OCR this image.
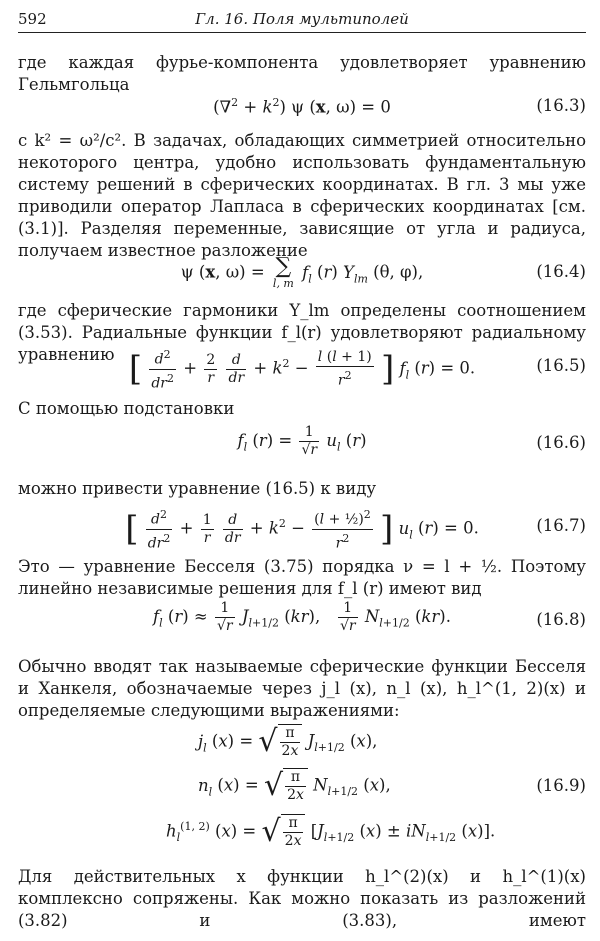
592	Гл. 16. Поля мультиполей

где каждая фурье-компонента удовлетворяет уравнению Гельмгольца

$(\nabla^2 + k^2)$ ψ (x, ω) = 0	(16.3)

с k² = ω²/c². В задачах, обладающих симметрией относительно некоторого центра, удобно использовать фундаментальную систему решений в сферических координатах. В гл. 3 мы уже приводили оператор Лапласа в сферических координатах [см. (3.1)]. Разделяя переменные, зависящие от угла и радиуса, получаем известное разложение

ψ (x, ω) = ∑
l, m
$f_l$ (r) $Y_{lm}$ (θ, φ),	(16.4)

где сферические гармоники Y_lm определены соотношением (3.53). Радиальные функции f_l(r) удовлетворяют радиальному уравнению [ $\frac{d^2}{dr^2} + \frac{2}{r}$
$\frac{d}{dr} + k^2 - \frac{l (l + 1)}{r^2}$ ] $f_l$ (r) = 0.	(16.5)

С помощью подстановки

$f_l$ $(r) = \frac{1}{√r} u_l$ (r)	(16.6)

можно привести уравнение (16.5) к виду

[ $\frac{d^2}{dr^2} + \frac{1}{r}$
$\frac{d}{dr} + k^2 - \frac{(l + \frac{1}{2})^2}{r^2}$ ] $u_l$ (r) = 0.	(16.7)

Это — уравнение Бесселя (3.75) порядка ν = l + ½. Поэтому линейно независимые решения для f_l (r) имеют вид

$f_l$ $(r) \approx \frac{1}{√r} J_{l+1/2}$ (kr), $\frac{1}{√r} N_{l+1/2}$ (kr).	(16.8)

Обычно вводят так называемые сферические функции Бесселя и Ханкеля, обозначаемые через j_l (x), n_l (x), h_l^(1, 2)(x) и определяемые следующими выражениями:

$j_l$ (x) = √ $\frac{\pi}{2x} J_{l+1/2}$ (x),
$n_l$ (x) = √ $\frac{\pi}{2x} N_{l+1/2}$ (x),
$h_l^{(1, 2)}$ (x) = √ $\frac{\pi}{2x} [J_{l+1/2}$ $(x) \pm iN_{l+1/2}$ (x)].
(16.9)

Для действительных x функции h_l^(2)(x) и h_l^(1)(x) комплексно сопряжены. Как можно показать из разложений (3.82) и (3.83), имеют
